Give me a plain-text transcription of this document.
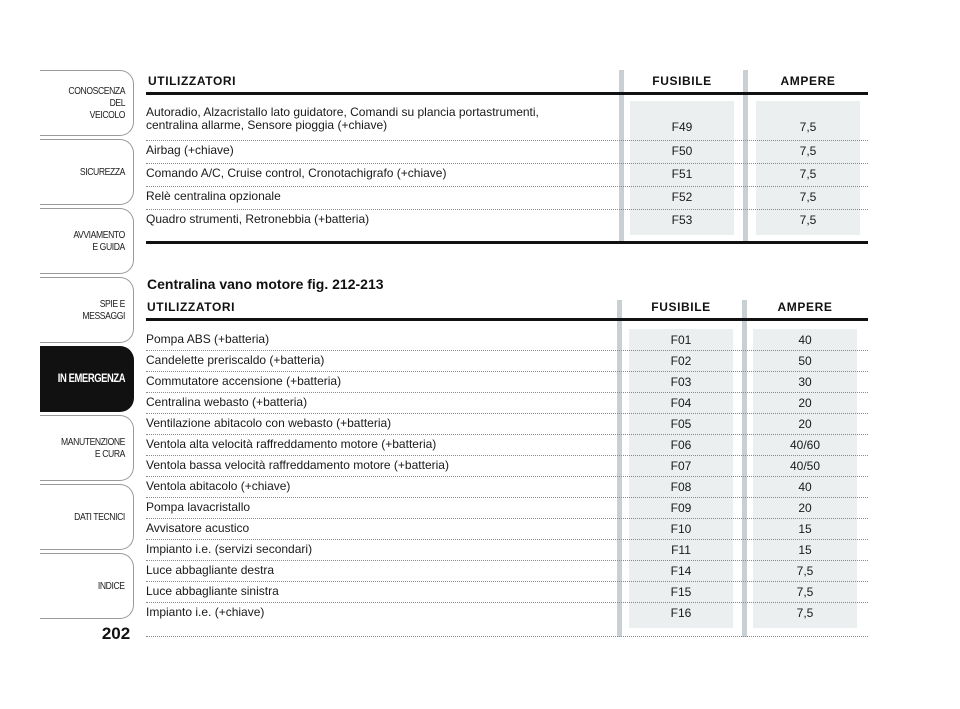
CONOSCENZA
DEL
VEICOLO
SICUREZZA
AVVIAMENTO
E GUIDA
SPIE E
MESSAGGI
IN EMERGENZA
MANUTENZIONE
E CURA
DATI TECNICI
INDICE
202
UTILIZZATORI	FUSIBILE	AMPERE
Autoradio, Alzacristallo lato guidatore, Comandi su plancia portastrumenti,
centralina allarme, Sensore pioggia (+chiave)	F49	7,5
Airbag (+chiave)	F50	7,5
Comando A/C, Cruise control, Cronotachigrafo (+chiave)	F51	7,5
Relè centralina opzionale	F52	7,5
Quadro strumenti, Retronebbia (+batteria)	F53	7,5
Centralina vano motore fig. 212-213
UTILIZZATORI	FUSIBILE	AMPERE
Pompa ABS (+batteria)	F01	40
Candelette preriscaldo (+batteria)	F02	50
Commutatore accensione (+batteria)	F03	30
Centralina webasto (+batteria)	F04	20
Ventilazione abitacolo con webasto (+batteria)	F05	20
Ventola alta velocità raffreddamento motore (+batteria)	F06	40/60
Ventola bassa velocità raffreddamento motore (+batteria)	F07	40/50
Ventola abitacolo (+chiave)	F08	40
Pompa lavacristallo	F09	20
Avvisatore acustico	F10	15
Impianto i.e. (servizi secondari)	F11	15
Luce abbagliante destra	F14	7,5
Luce abbagliante sinistra	F15	7,5
Impianto i.e. (+chiave)	F16	7,5
